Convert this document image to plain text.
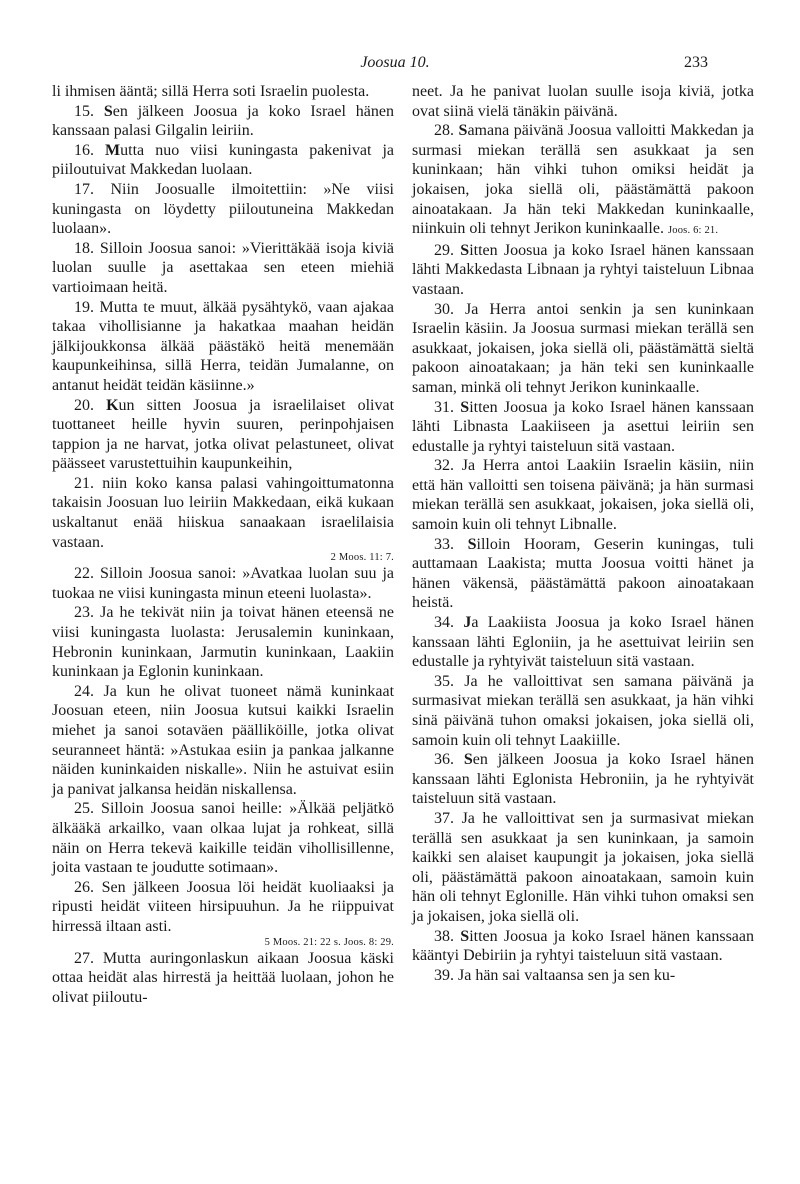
Joosua 10.	233

li ihmisen ääntä; sillä Herra soti Israelin puolesta.

15. Sen jälkeen Joosua ja koko Israel hänen kanssaan palasi Gilgalin leiriin.

16. Mutta nuo viisi kuningasta pakenivat ja piiloutuivat Makkedan luolaan.

17. Niin Joosualle ilmoitettiin: »Ne viisi kuningasta on löydetty piiloutuneina Makkedan luolaan».

18. Silloin Joosua sanoi: »Vierittäkää isoja kiviä luolan suulle ja asettakaa sen eteen miehiä vartioimaan heitä.

19. Mutta te muut, älkää pysähtykö, vaan ajakaa takaa vihollisianne ja hakatkaa maahan heidän jälkijoukkonsa älkää päästäkö heitä menemään kaupunkeihinsa, sillä Herra, teidän Jumalanne, on antanut heidät teidän käsiinne.»

20. Kun sitten Joosua ja israelilaiset olivat tuottaneet heille hyvin suuren, perinpohjaisen tappion ja ne harvat, jotka olivat pelastuneet, olivat päässeet varustettuihin kaupunkeihin,

21. niin koko kansa palasi vahingoittumatonna takaisin Joosuan luo leiriin Makkedaan, eikä kukaan uskaltanut enää hiiskua sanaakaan israelilaisia vastaan.
2 Moos. 11: 7.

22. Silloin Joosua sanoi: »Avatkaa luolan suu ja tuokaa ne viisi kuningasta minun eteeni luolasta».

23. Ja he tekivät niin ja toivat hänen eteensä ne viisi kuningasta luolasta: Jerusalemin kuninkaan, Hebronin kuninkaan, Jarmutin kuninkaan, Laakiin kuninkaan ja Eglonin kuninkaan.

24. Ja kun he olivat tuoneet nämä kuninkaat Joosuan eteen, niin Joosua kutsui kaikki Israelin miehet ja sanoi sotaväen päälliköille, jotka olivat seuranneet häntä: »Astukaa esiin ja pankaa jalkanne näiden kuninkaiden niskalle». Niin he astuivat esiin ja panivat jalkansa heidän niskallensa.

25. Silloin Joosua sanoi heille: »Älkää peljätkö älkääkä arkailko, vaan olkaa lujat ja rohkeat, sillä näin on Herra tekevä kaikille teidän vihollisillenne, joita vastaan te joudutte sotimaan».

26. Sen jälkeen Joosua löi heidät kuoliaaksi ja ripusti heidät viiteen hirsipuuhun. Ja he riippuivat hirressä iltaan asti.
5 Moos. 21: 22 s. Joos. 8: 29.

27. Mutta auringonlaskun aikaan Joosua käski ottaa heidät alas hirrestä ja heittää luolaan, johon he olivat piiloutu-

neet. Ja he panivat luolan suulle isoja kiviä, jotka ovat siinä vielä tänäkin päivänä.

28. Samana päivänä Joosua valloitti Makkedan ja surmasi miekan terällä sen asukkaat ja sen kuninkaan; hän vihki tuhon omiksi heidät ja jokaisen, joka siellä oli, päästämättä pakoon ainoatakaan. Ja hän teki Makkedan kuninkaalle, niinkuin oli tehnyt Jerikon kuninkaalle. Joos. 6: 21.

29. Sitten Joosua ja koko Israel hänen kanssaan lähti Makkedasta Libnaan ja ryhtyi taisteluun Libnaa vastaan.

30. Ja Herra antoi senkin ja sen kuninkaan Israelin käsiin. Ja Joosua surmasi miekan terällä sen asukkaat, jokaisen, joka siellä oli, päästämättä sieltä pakoon ainoatakaan; ja hän teki sen kuninkaalle saman, minkä oli tehnyt Jerikon kuninkaalle.

31. Sitten Joosua ja koko Israel hänen kanssaan lähti Libnasta Laakiiseen ja asettui leiriin sen edustalle ja ryhtyi taisteluun sitä vastaan.

32. Ja Herra antoi Laakiin Israelin käsiin, niin että hän valloitti sen toisena päivänä; ja hän surmasi miekan terällä sen asukkaat, jokaisen, joka siellä oli, samoin kuin oli tehnyt Libnalle.

33. Silloin Hooram, Geserin kuningas, tuli auttamaan Laakista; mutta Joosua voitti hänet ja hänen väkensä, päästämättä pakoon ainoatakaan heistä.

34. Ja Laakiista Joosua ja koko Israel hänen kanssaan lähti Egloniin, ja he asettuivat leiriin sen edustalle ja ryhtyivät taisteluun sitä vastaan.

35. Ja he valloittivat sen samana päivänä ja surmasivat miekan terällä sen asukkaat, ja hän vihki sinä päivänä tuhon omaksi jokaisen, joka siellä oli, samoin kuin oli tehnyt Laakiille.

36. Sen jälkeen Joosua ja koko Israel hänen kanssaan lähti Eglonista Hebroniin, ja he ryhtyivät taisteluun sitä vastaan.

37. Ja he valloittivat sen ja surmasivat miekan terällä sen asukkaat ja sen kuninkaan, ja samoin kaikki sen alaiset kaupungit ja jokaisen, joka siellä oli, päästämättä pakoon ainoatakaan, samoin kuin hän oli tehnyt Eglonille. Hän vihki tuhon omaksi sen ja jokaisen, joka siellä oli.

38. Sitten Joosua ja koko Israel hänen kanssaan kääntyi Debiriin ja ryhtyi taisteluun sitä vastaan.

39. Ja hän sai valtaansa sen ja sen ku-
